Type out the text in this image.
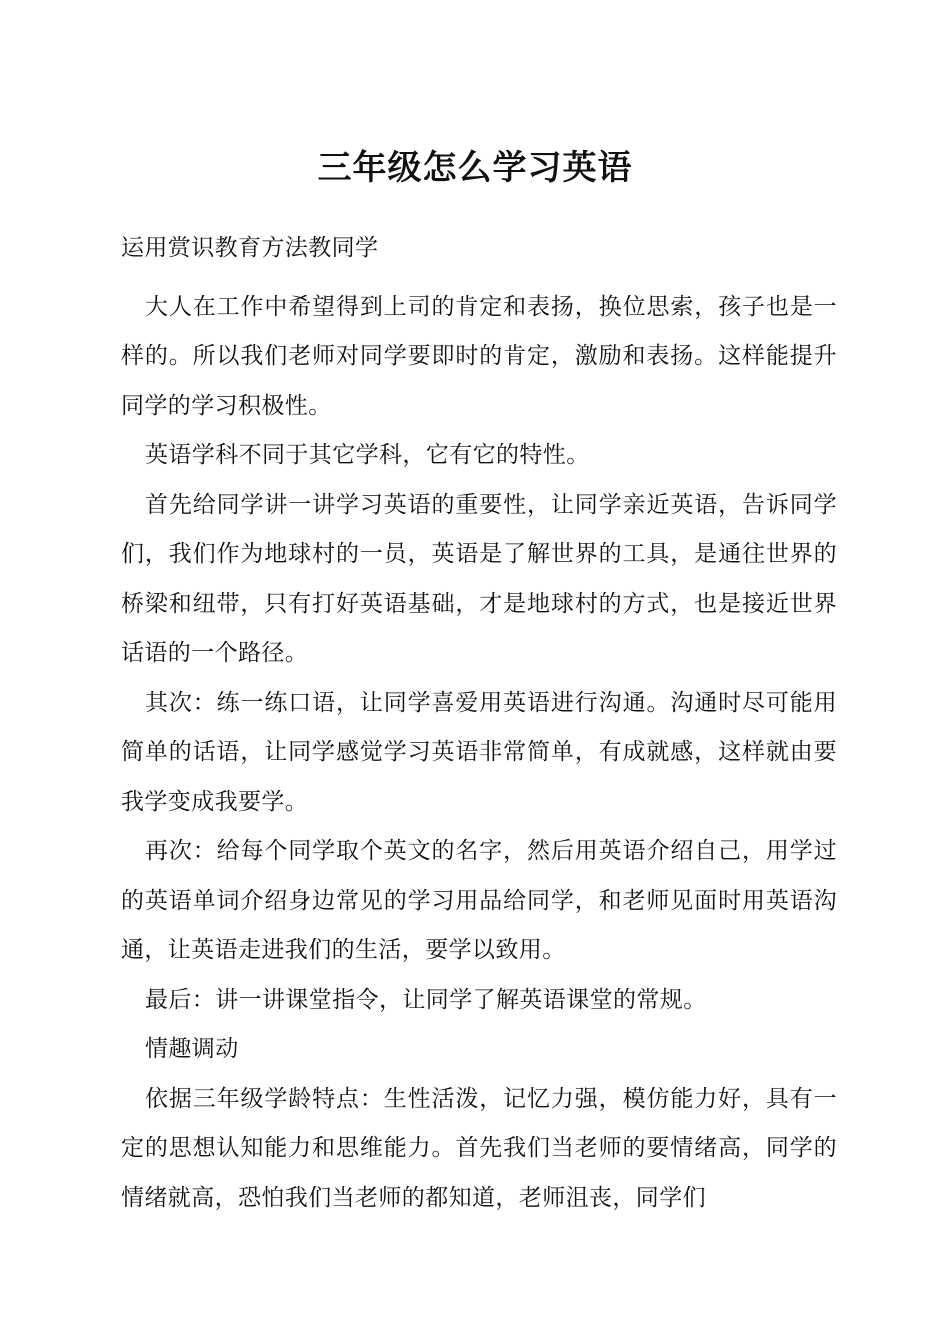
三年级怎么学习英语

运用赏识教育方法教同学

大人在工作中希望得到上司的肯定和表扬，换位思索，孩子也是一样的。所以我们老师对同学要即时的肯定，激励和表扬。这样能提升同学的学习积极性。

英语学科不同于其它学科，它有它的特性。

首先给同学讲一讲学习英语的重要性，让同学亲近英语，告诉同学们，我们作为地球村的一员，英语是了解世界的工具，是通往世界的桥梁和纽带，只有打好英语基础，才是地球村的方式，也是接近世界话语的一个路径。

其次：练一练口语，让同学喜爱用英语进行沟通。沟通时尽可能用简单的话语，让同学感觉学习英语非常简单，有成就感，这样就由要我学变成我要学。

再次：给每个同学取个英文的名字，然后用英语介绍自己，用学过的英语单词介绍身边常见的学习用品给同学，和老师见面时用英语沟通，让英语走进我们的生活，要学以致用。

最后：讲一讲课堂指令，让同学了解英语课堂的常规。

情趣调动

依据三年级学龄特点：生性活泼，记忆力强，模仿能力好，具有一定的思想认知能力和思维能力。首先我们当老师的要情绪高，同学的情绪就高，恐怕我们当老师的都知道，老师沮丧，同学们
